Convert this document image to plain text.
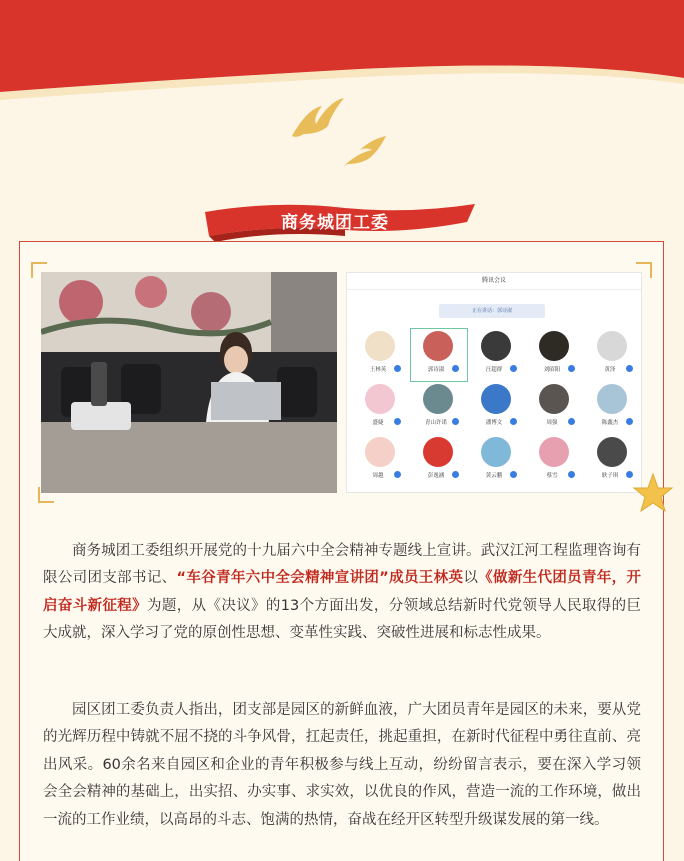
商务城团工委
腾讯会议
正在讲话：郭诗淑
王林英	郭诗淑	汪超群	刘昭阳	黄泽
盛婕	青山许诺	潘博文	周强	陈鑫杰
周越	彭逸涵	黄云鹏	蔡雪	耿子琪

商务城团工委组织开展党的十九届六中全会精神专题线上宣讲。武汉江河工程监理咨询有限公司团支部书记、“车谷青年六中全会精神宣讲团”成员王林英以《做新生代团员青年，开启奋斗新征程》为题，从《决议》的13个方面出发，分领域总结新时代党领导人民取得的巨大成就，深入学习了党的原创性思想、变革性实践、突破性进展和标志性成果。

园区团工委负责人指出，团支部是园区的新鲜血液，广大团员青年是园区的未来，要从党的光辉历程中铸就不屈不挠的斗争风骨，扛起责任，挑起重担，在新时代征程中勇往直前、亮出风采。60余名来自园区和企业的青年积极参与线上互动，纷纷留言表示，要在深入学习领会全会精神的基础上，出实招、办实事、求实效，以优良的作风，营造一流的工作环境，做出一流的工作业绩，以高昂的斗志、饱满的热情，奋战在经开区转型升级谋发展的第一线。
